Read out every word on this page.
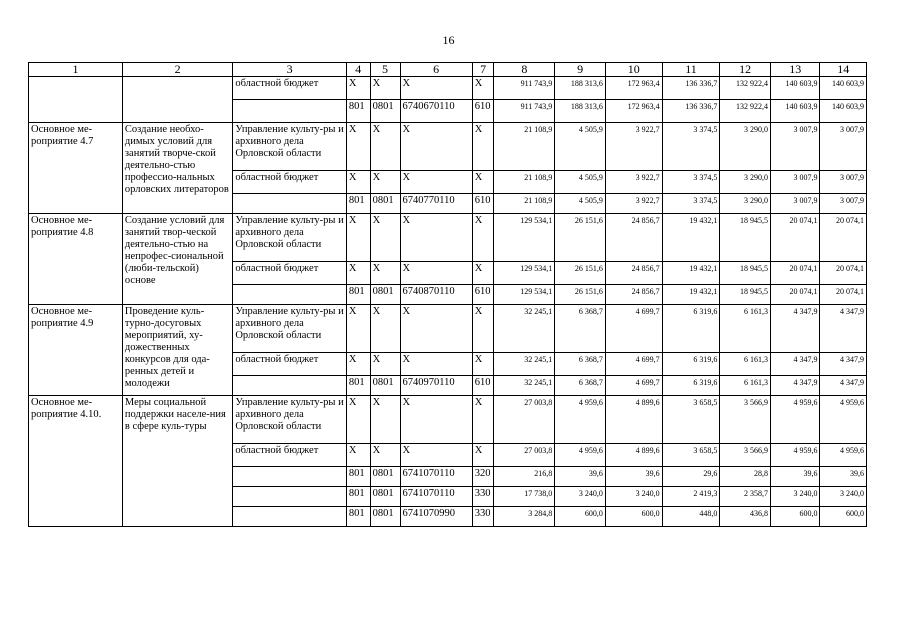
16
1	2	3	4	5	6	7	8	9	10	11	12	13	14
		областной бюджет	X	X	X	X	911 743,9	188 313,6	172 963,4	136 336,7	132 922,4	140 603,9	140 603,9
			801	0801	6740670110	610	911 743,9	188 313,6	172 963,4	136 336,7	132 922,4	140 603,9	140 603,9
Основное ме-роприятие 4.7	Создание необхо-димых условий для занятий творче-ской деятельно-стью профессио-нальных орловских литераторов	Управление культу-ры и архивного дела Орловской области	X	X	X	X	21 108,9	4 505,9	3 922,7	3 374,5	3 290,0	3 007,9	3 007,9
		областной бюджет	X	X	X	X	21 108,9	4 505,9	3 922,7	3 374,5	3 290,0	3 007,9	3 007,9
			801	0801	6740770110	610	21 108,9	4 505,9	3 922,7	3 374,5	3 290,0	3 007,9	3 007,9
Основное ме-роприятие 4.8	Создание условий для занятий твор-ческой деятельно-стью на непрофес-сиональной (люби-тельской) основе	Управление культу-ры и архивного дела Орловской области	X	X	X	X	129 534,1	26 151,6	24 856,7	19 432,1	18 945,5	20 074,1	20 074,1
		областной бюджет	X	X	X	X	129 534,1	26 151,6	24 856,7	19 432,1	18 945,5	20 074,1	20 074,1
			801	0801	6740870110	610	129 534,1	26 151,6	24 856,7	19 432,1	18 945,5	20 074,1	20 074,1
Основное ме-роприятие 4.9	Проведение куль-турно-досуговых мероприятий, ху-дожественных конкурсов для ода-ренных детей и молодежи	Управление культу-ры и архивного дела Орловской области	X	X	X	X	32 245,1	6 368,7	4 699,7	6 319,6	6 161,3	4 347,9	4 347,9
		областной бюджет	X	X	X	X	32 245,1	6 368,7	4 699,7	6 319,6	6 161,3	4 347,9	4 347,9
			801	0801	6740970110	610	32 245,1	6 368,7	4 699,7	6 319,6	6 161,3	4 347,9	4 347,9
Основное ме-роприятие 4.10.	Меры социальной поддержки населе-ния в сфере куль-туры	Управление культу-ры и архивного дела Орловской области	X	X	X	X	27 003,8	4 959,6	4 899,6	3 658,5	3 566,9	4 959,6	4 959,6
		областной бюджет	X	X	X	X	27 003,8	4 959,6	4 899,6	3 658,5	3 566,9	4 959,6	4 959,6
			801	0801	6741070110	320	216,8	39,6	39,6	29,6	28,8	39,6	39,6
			801	0801	6741070110	330	17 738,0	3 240,0	3 240,0	2 419,3	2 358,7	3 240,0	3 240,0
			801	0801	6741070990	330	3 284,8	600,0	600,0	448,0	436,8	600,0	600,0
